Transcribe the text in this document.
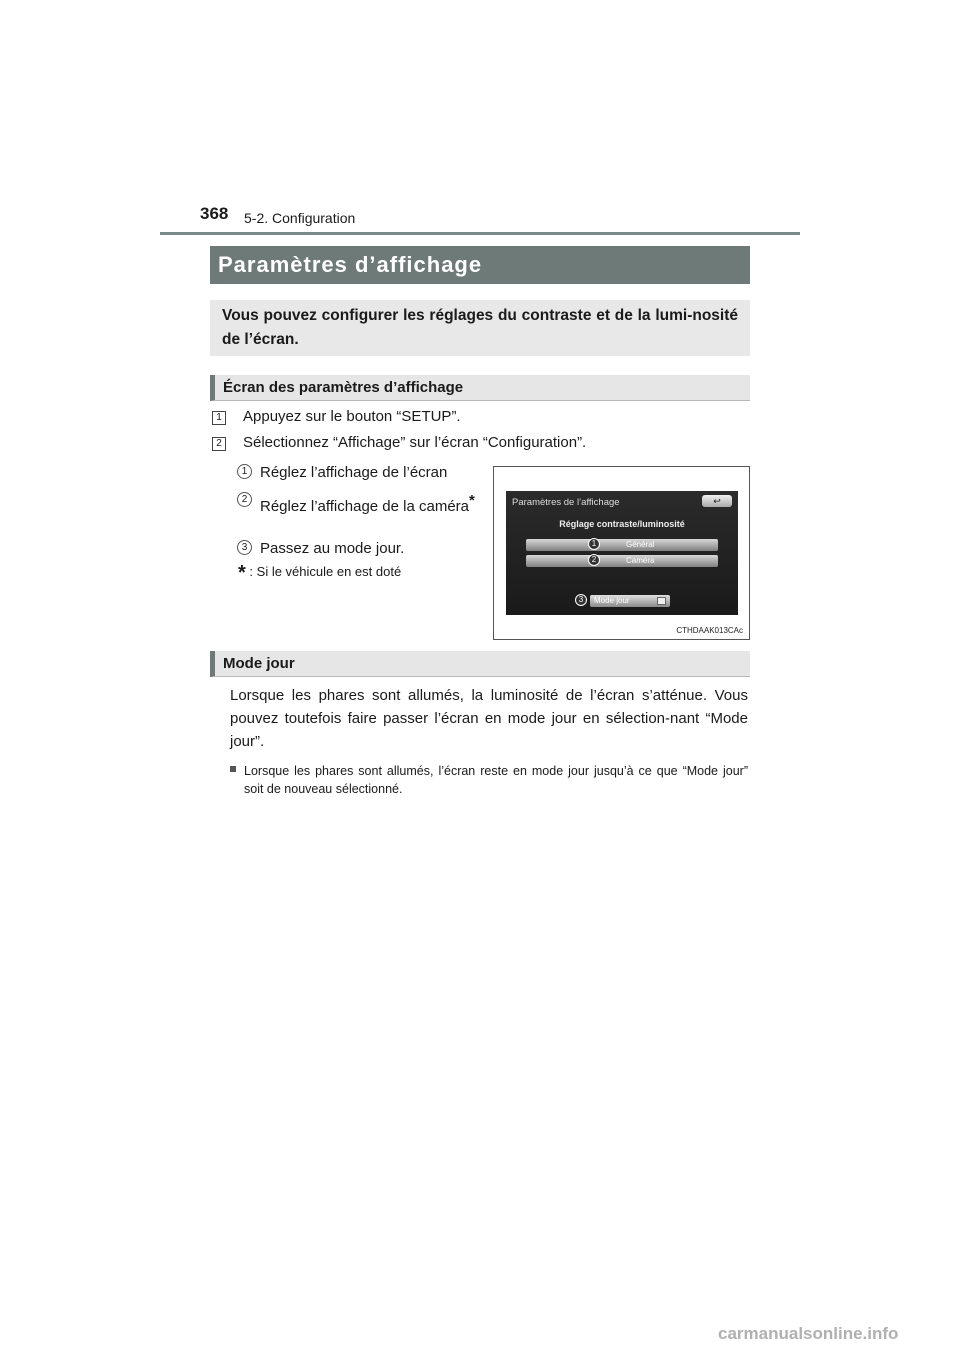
368 5-2. Configuration
Paramètres d’affichage
Vous pouvez configurer les réglages du contraste et de la lumi-nosité de l’écran.
Écran des paramètres d’affichage
1 Appuyez sur le bouton “SETUP”.
2 Sélectionnez “Affichage” sur l’écran “Configuration”.
1 Réglez l’affichage de l’écran
2 Réglez l’affichage de la caméra*
3 Passez au mode jour.
* : Si le véhicule en est doté
Paramètres de l’affichage	↩
Réglage contraste/luminosité
Général
1
Caméra
2
Mode jour
3
CTHDAAK013CAc
Mode jour
Lorsque les phares sont allumés, la luminosité de l’écran s’atténue. Vous pouvez toutefois faire passer l’écran en mode jour en sélection-nant “Mode jour”.
Lorsque les phares sont allumés, l’écran reste en mode jour jusqu’à ce que “Mode jour” soit de nouveau sélectionné.
carmanualsonline.info
